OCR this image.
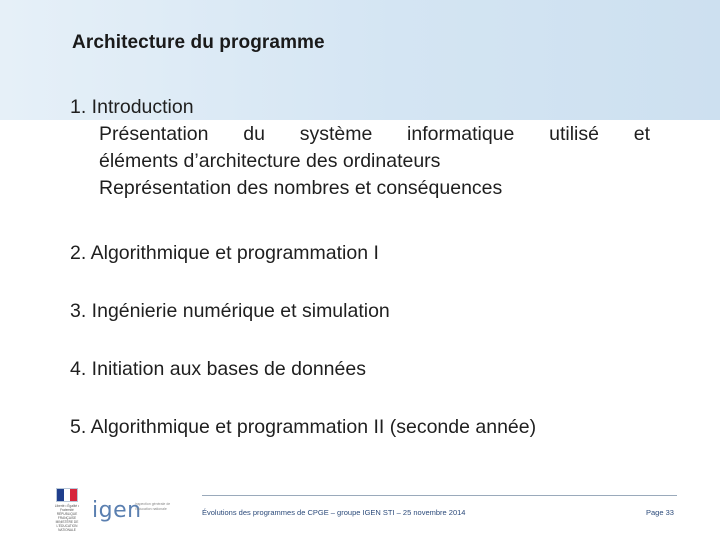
Architecture du programme
1. Introduction
Présentation du système informatique utilisé et
éléments d’architecture des ordinateurs
Représentation des nombres et conséquences
2. Algorithmique et programmation I
3. Ingénierie numérique et simulation
4. Initiation aux bases de données
5. Algorithmique et programmation II (seconde année)
Liberté • Égalité • Fraternité RÉPUBLIQUE FRANÇAISE MINISTÈRE DE L'ÉDUCATION NATIONALE
igen
inspection générale de l'éducation nationale	Évolutions des programmes de CPGE – groupe IGEN STI – 25 novembre 2014	Page 33
